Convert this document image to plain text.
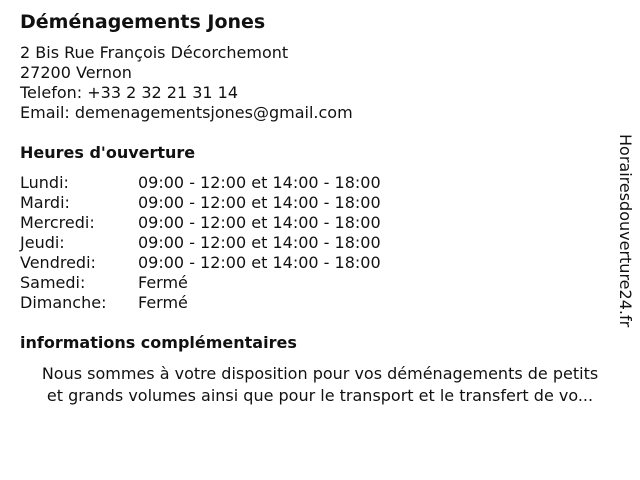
Déménagements Jones
2 Bis Rue François Décorchemont
27200 Vernon
Telefon: +33 2 32 21 31 14
Email: demenagementsjones@gmail.com
Heures d'ouverture
Lundi:	09:00 - 12:00 et 14:00 - 18:00
Mardi:	09:00 - 12:00 et 14:00 - 18:00
Mercredi:	09:00 - 12:00 et 14:00 - 18:00
Jeudi:	09:00 - 12:00 et 14:00 - 18:00
Vendredi:	09:00 - 12:00 et 14:00 - 18:00
Samedi:	Fermé
Dimanche:	Fermé
informations complémentaires
Nous sommes à votre disposition pour vos déménagements de petits
et grands volumes ainsi que pour le transport et le transfert de vo...
Horairesdouverture24.fr
